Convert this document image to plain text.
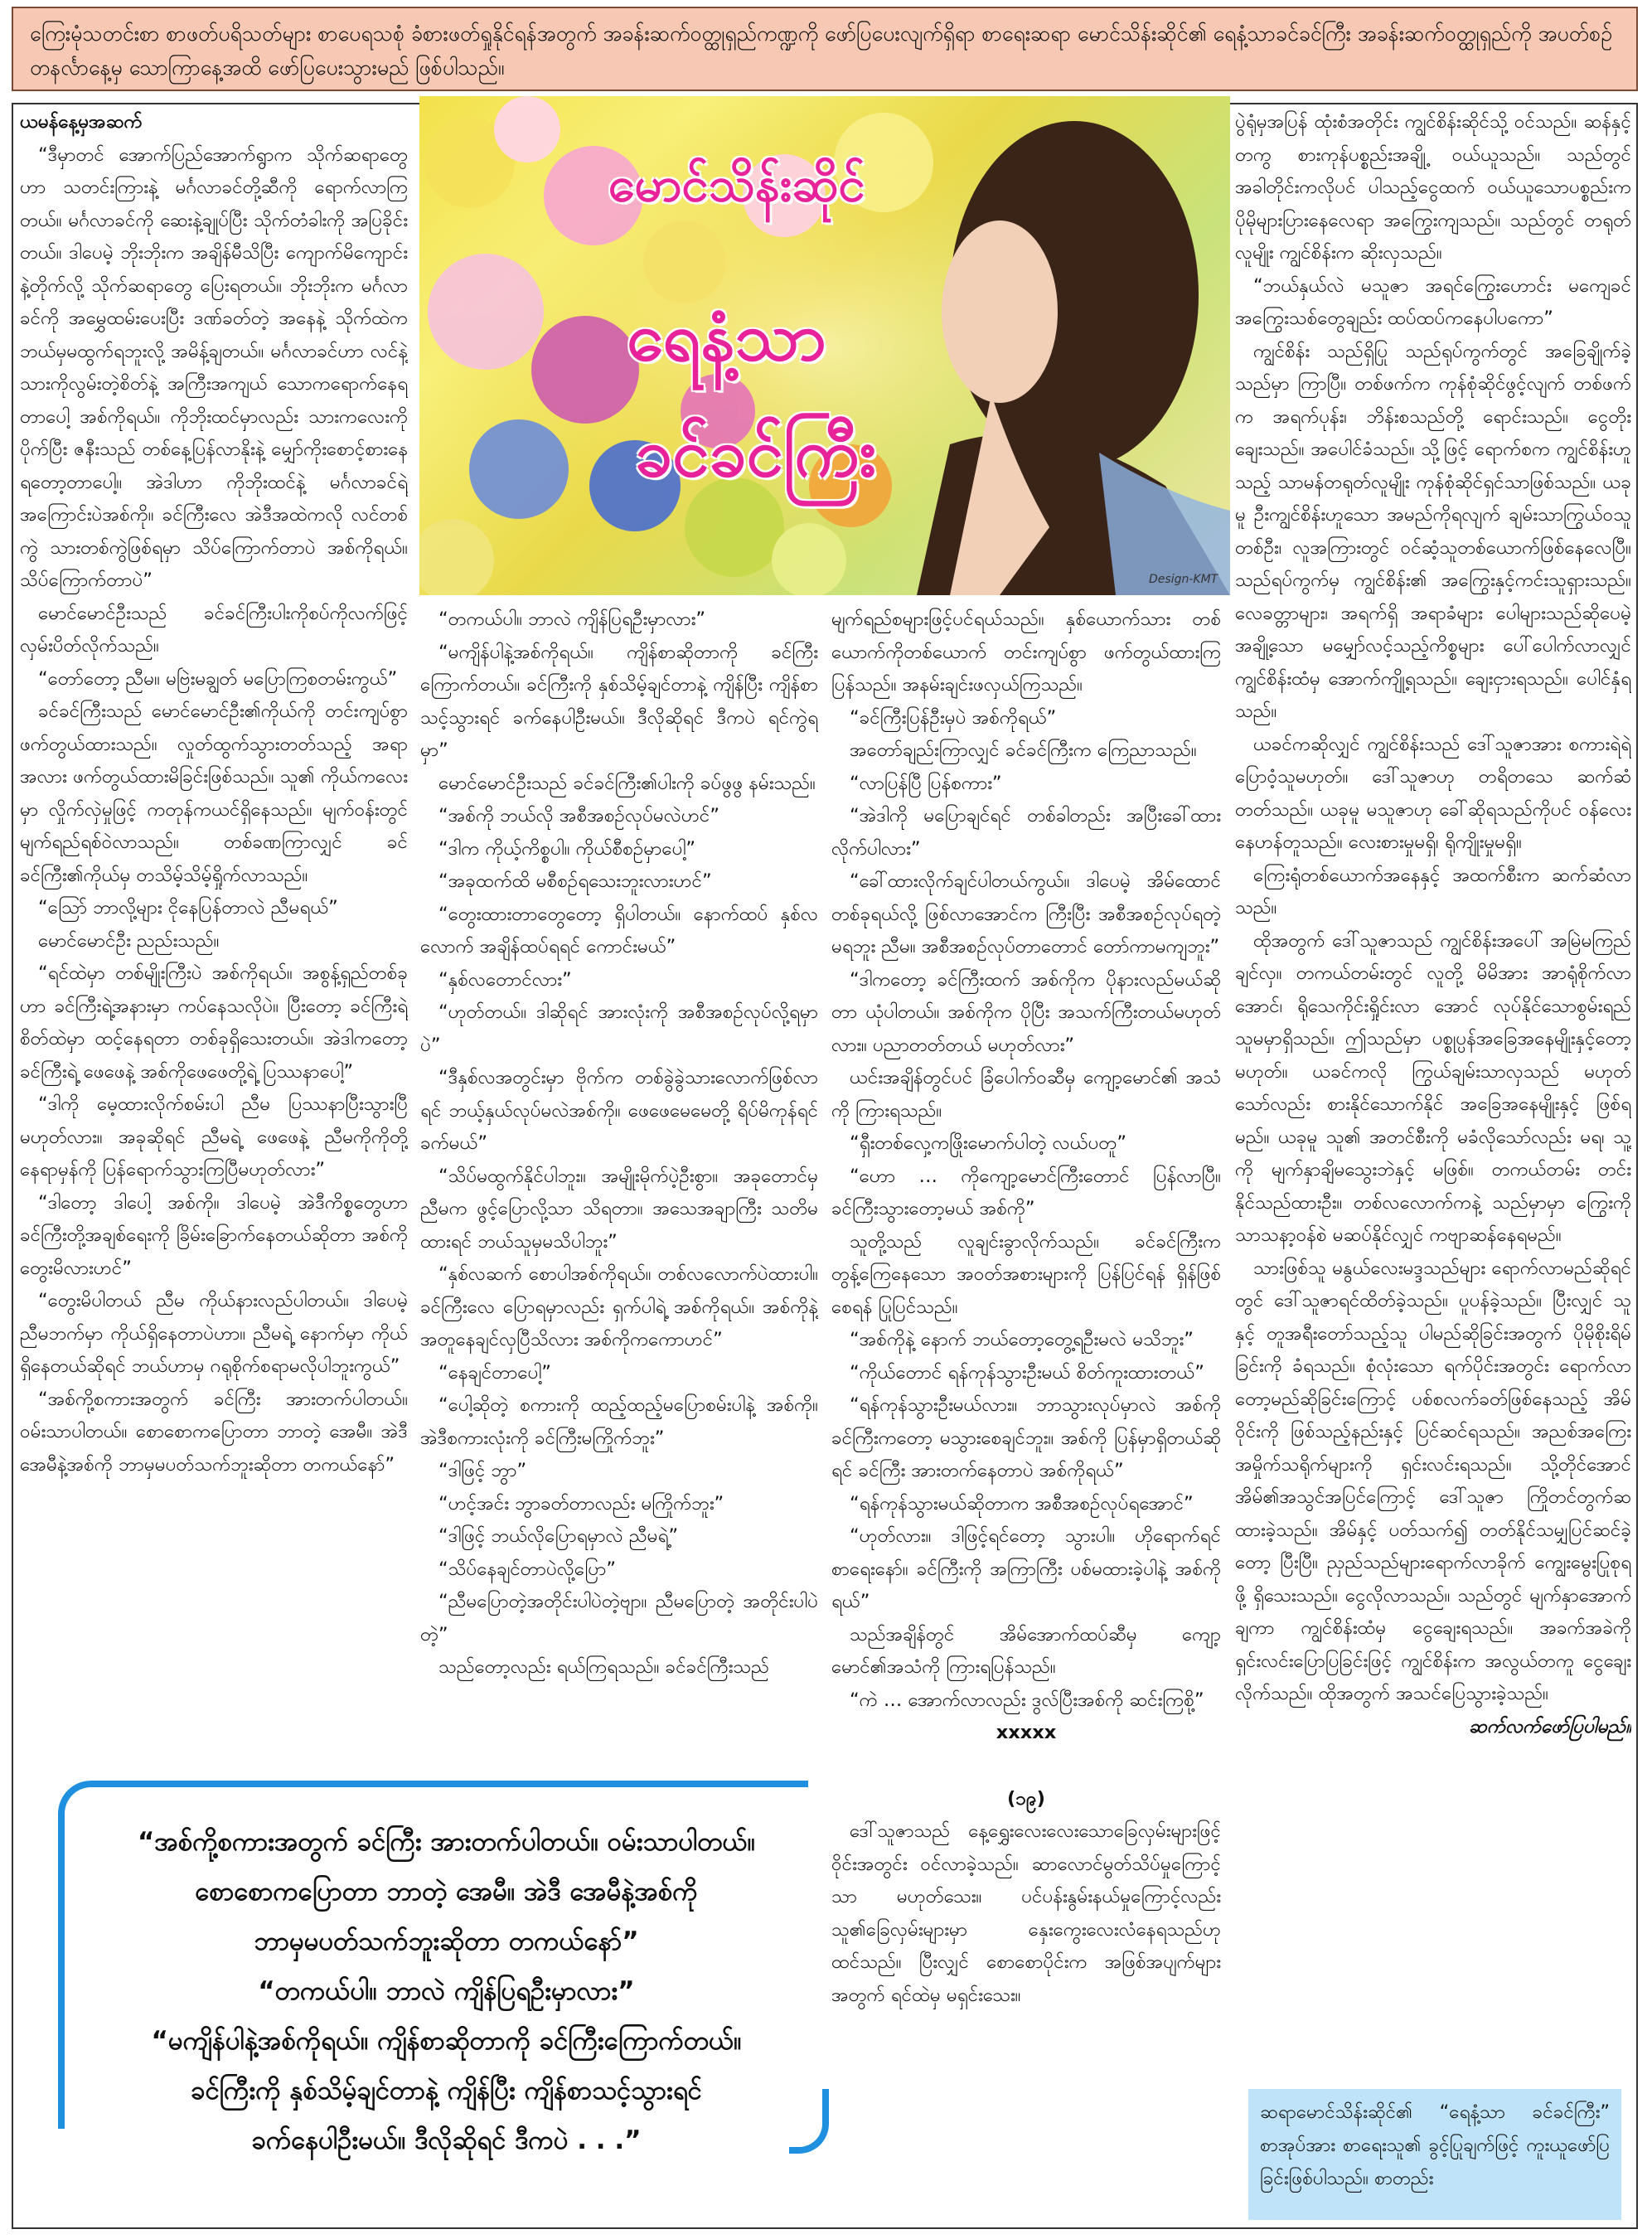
ကြေးမုံသတင်းစာ စာဖတ်ပရိသတ်များ စာပေရသစုံ ခံစားဖတ်ရှုနိုင်ရန်အတွက် အခန်းဆက်ဝတ္ထုရှည်ကဏ္ဍကို ဖော်ပြပေးလျက်ရှိရာ စာရေးဆရာ မောင်သိန်းဆိုင်၏ ရေနံ့သာခင်ခင်ကြီး အခန်းဆက်ဝတ္ထုရှည်ကို အပတ်စဉ် တနင်္လာနေ့မှ သောကြာနေ့အထိ ဖော်ပြပေးသွားမည် ဖြစ်ပါသည်။

ယမန်နေ့မှအဆက်

“ဒီမှာတင် အောက်ပြည်အောက်ရွာက သိုက်ဆရာတွေဟာ သတင်းကြားနဲ့ မင်္ဂလာခင်တို့ဆီကို ရောက်လာကြတယ်။ မင်္ဂလာခင်ကို ဆေးနဲ့ချုပ်ပြီး သိုက်တံခါးကို အပြခိုင်းတယ်။ ဒါပေမဲ့ ဘိုးဘိုးက အချိန်မီသိပြီး ကျောက်မိကျောင်းနဲ့တိုက်လို့ သိုက်ဆရာတွေ ပြေးရတယ်။ ဘိုးဘိုးက မင်္ဂလာခင်ကို အမွှေထမ်းပေးပြီး ဒဏ်ခတ်တဲ့ အနေနဲ့ သိုက်ထဲက ဘယ်မှမထွက်ရဘူးလို့ အမိန့်ချတယ်။ မင်္ဂလာခင်ဟာ လင်နဲ့ သားကိုလွမ်းတဲ့စိတ်နဲ့ အကြီးအကျယ် သောကရောက်နေရတာပေါ့ အစ်ကိုရယ်။ ကိုဘိုးထင်မှာလည်း သားကလေးကိုပိုက်ပြီး ဇနီးသည် တစ်နေ့ပြန်လာနိုးနဲ့ မျှော်ကိုးစောင့်စားနေရတော့တာပေါ့။ အဲဒါဟာ ကိုဘိုးထင်နဲ့ မင်္ဂလာခင်ရဲ့ အကြောင်းပဲအစ်ကို။ ခင်ကြီးလေ အဲဒီအထဲကလို လင်တစ်ကွဲ သားတစ်ကွဲဖြစ်ရမှာ သိပ်ကြောက်တာပဲ အစ်ကိုရယ်။ သိပ်ကြောက်တာပဲ”

မောင်မောင်ဦးသည် ခင်ခင်ကြီးပါးကိုစပ်ကိုလက်ဖြင့် လှမ်းပိတ်လိုက်သည်။

“တော်တော့ ညီမ။ မဗြဲးမချွတ် မပြောကြစတမ်းကွယ်”

ခင်ခင်ကြီးသည် မောင်မောင်ဦး၏ကိုယ်ကို တင်းကျပ်စွာ ဖက်တွယ်ထားသည်။ လှုတ်ထွက်သွားတတ်သည့် အရာအလား ဖက်တွယ်ထားမိခြင်းဖြစ်သည်။ သူ၏ ကိုယ်ကလေးမှာ လှိုက်လှဲမှုဖြင့် ကတုန်ကယင်ရှိနေသည်။ မျက်ဝန်းတွင် မျက်ရည်ရစ်ဝဲလာသည်။ တစ်ခဏကြာလျှင် ခင်ခင်ကြီး၏ကိုယ်မှ တသိမ့်သိမ့်ရှိုက်လာသည်။

“ဩော် ဘာလို့များ ငိုနေပြန်တာလဲ ညီမရယ်”

မောင်မောင်ဦး ညည်းသည်။

“ရင်ထဲမှာ တစ်မျိုးကြီးပဲ အစ်ကိုရယ်။ အစွန့်ရှည်တစ်ခုဟာ ခင်ကြီးရဲ့အနားမှာ ကပ်နေသလိုပဲ။ ပြီးတော့ ခင်ကြီးရဲ့စိတ်ထဲမှာ ထင့်နေရတာ တစ်ခုရှိသေးတယ်။ အဲဒါကတော့ ခင်ကြီးရဲ့ ဖေဖေနဲ့ အစ်ကိုဖေဖေတို့ရဲ့ ပြဿနာပေါ့”

“ဒါကို မေ့ထားလိုက်စမ်းပါ ညီမ ပြဿနာပြီးသွားပြီမဟုတ်လား။ အခုဆိုရင် ညီမရဲ့ ဖေဖေနဲ့ ညီမကိုကိုတို့ နေရာမှန်ကို ပြန်ရောက်သွားကြပြီမဟုတ်လား”

“ဒါတော့ ဒါပေါ့ အစ်ကို။ ဒါပေမဲ့ အဲဒီကိစ္စတွေဟာ ခင်ကြီးတို့အချစ်ရေးကို ခြိမ်းခြောက်နေတယ်ဆိုတာ အစ်ကိုတွေးမိလားဟင်”

“တွေးမိပါတယ် ညီမ ကိုယ်နားလည်ပါတယ်။ ဒါပေမဲ့ ညီမဘက်မှာ ကိုယ်ရှိနေတာပဲဟာ။ ညီမရဲ့ နောက်မှာ ကိုယ်ရှိနေတယ်ဆိုရင် ဘယ်ဟာမှ ဂရုစိုက်စရာမလိုပါဘူးကွယ်”

“အစ်ကို့စကားအတွက် ခင်ကြီး အားတက်ပါတယ်။ ဝမ်းသာပါတယ်။ စောစောကပြောတာ ဘာတဲ့ အေမီ။ အဲဒီ အေမီနဲ့အစ်ကို ဘာမှမပတ်သက်ဘူးဆိုတာ တကယ်နော်”

မောင်သိန်းဆိုင်
ရေနံ့သာ
ခင်ခင်ကြီး
Design-KMT

“တကယ်ပါ။ ဘာလဲ ကျိန်ပြရဦးမှာလား”

“မကျိန်ပါနဲ့အစ်ကိုရယ်။ ကျိန်စာဆိုတာကို ခင်ကြီးကြောက်တယ်။ ခင်ကြီးကို နှစ်သိမ့်ချင်တာနဲ့ ကျိန်ပြီး ကျိန်စာသင့်သွားရင် ခက်နေပါဦးမယ်။ ဒီလိုဆိုရင် ဒီကပဲ ရင်ကွဲရမှာ”

မောင်မောင်ဦးသည် ခင်ခင်ကြီး၏ပါးကို ခပ်ဖွဖွ နမ်းသည်။

“အစ်ကို ဘယ်လို အစီအစဉ်လုပ်မလဲဟင်”

“ဒါက ကိုယ့်ကိစ္စပါ။ ကိုယ်စီစဉ်မှာပေါ့”

“အခုထက်ထိ မစီစဉ်ရသေးဘူးလားဟင်”

“တွေးထားတာတွေတော့ ရှိပါတယ်။ နောက်ထပ် နှစ်လလောက် အချိန်ထပ်ရရင် ကောင်းမယ်”

“နှစ်လတောင်လား”

“ဟုတ်တယ်။ ဒါဆိုရင် အားလုံးကို အစီအစဉ်လုပ်လို့ရမှာပဲ”

“ဒီနှစ်လအတွင်းမှာ ဗိုက်က တစ်ခွဲခွဲသားလောက်ဖြစ်လာရင် ဘယ့်နှယ်လုပ်မလဲအစ်ကို။ ဖေဖေမေမေတို့ ရိပ်မိကုန်ရင် ခက်မယ်”

“သိပ်မထွက်နိုင်ပါဘူး။ အမျိုးမိုက်ပဲ့ဦးစွာ။ အခုတောင်မှ ညီမက ဖွင့်ပြောလို့သာ သိရတာ။ အသေအချာကြီး သတိမထားရင် ဘယ်သူမှမသိပါဘူး”

“နှစ်လဆက် စောပါအစ်ကိုရယ်။ တစ်လလောက်ပဲထားပါ။ ခင်ကြီးလေ ပြောရမှာလည်း ရှက်ပါရဲ့ အစ်ကိုရယ်။ အစ်ကိုနဲ့ အတူနေချင်လှပြီသိလား အစ်ကိုကကောဟင်”

“နေချင်တာပေါ့”

“ပေါ့ဆိုတဲ့ စကားကို ထည့်ထည့်မပြောစမ်းပါနဲ့ အစ်ကို။ အဲဒီစကားလုံးကို ခင်ကြီးမကြိုက်ဘူး”

“ဒါဖြင့် ဘွာ”

“ဟင့်အင်း ဘွာခတ်တာလည်း မကြိုက်ဘူး”

“ဒါဖြင့် ဘယ်လိုပြောရမှာလဲ ညီမရဲ့”

“သိပ်နေချင်တာပဲလို့ပြော”

“ညီမပြောတဲ့အတိုင်းပါပဲတဲ့ဗျာ။ ညီမပြောတဲ့ အတိုင်းပါပဲတဲ့”

သည်တော့လည်း ရယ်ကြရသည်။ ခင်ခင်ကြီးသည်

မျက်ရည်စများဖြင့်ပင်ရယ်သည်။ နှစ်ယောက်သား တစ်ယောက်ကိုတစ်ယောက် တင်းကျပ်စွာ ဖက်တွယ်ထားကြပြန်သည်။ အနမ်းချင်းဖလှယ်ကြသည်။

“ခင်ကြီးပြန်ဦးမှပဲ အစ်ကိုရယ်”

အတော်ချည်းကြာလျှင် ခင်ခင်ကြီးက ကြေညာသည်။

“လာပြန်ပြီ ပြန်စကား”

“အဲဒါကို မပြောချင်ရင် တစ်ခါတည်း အပြီးခေါ်ထားလိုက်ပါလား”

“ခေါ်ထားလိုက်ချင်ပါတယ်ကွယ်။ ဒါပေမဲ့ အိမ်ထောင်တစ်ခုရယ်လို့ ဖြစ်လာအောင်က ကြီးပြီး အစီအစဉ်လုပ်ရတဲ့ မရဘူး ညီမ။ အစီအစဉ်လုပ်တာတောင် တော်ကာမကျဘူး”

“ဒါကတော့ ခင်ကြီးထက် အစ်ကိုက ပိုနားလည်မယ်ဆိုတာ ယုံပါတယ်။ အစ်ကိုက ပိုပြီး အသက်ကြီးတယ်မဟုတ်လား။ ပညာတတ်တယ် မဟုတ်လား”

ယင်းအချိန်တွင်ပင် ခြံပေါက်ဝဆီမှ ကျော့မောင်၏ အသံကို ကြားရသည်။

“ရှီးတစ်လှေ့ကဖြိုးမောက်ပါတဲ့ လယ်ပတူ”

“ဟော … ကိုကျော့မောင်ကြီးတောင် ပြန်လာပြီ။ ခင်ကြီးသွားတော့မယ် အစ်ကို”

သူတို့သည် လူချင်းခွာလိုက်သည်။ ခင်ခင်ကြီးက တွန့်ကြေနေသော အဝတ်အစားများကို ပြန်ပြင်ရန် ရှိန်ဖြစ်စေရန် ပြုပြင်သည်။

“အစ်ကိုနဲ့ နောက် ဘယ်တော့တွေ့ရဦးမလဲ မသိဘူး”

“ကိုယ်တောင် ရန်ကုန်သွားဦးမယ် စိတ်ကူးထားတယ်”

“ရန်ကုန်သွားဦးမယ်လား။ ဘာသွားလုပ်မှာလဲ အစ်ကို ခင်ကြီးကတော့ မသွားစေချင်ဘူး။ အစ်ကို ပြန်မှာရှိတယ်ဆိုရင် ခင်ကြီး အားတက်နေတာပဲ အစ်ကိုရယ်”

“ရန်ကုန်သွားမယ်ဆိုတာက အစီအစဉ်လုပ်ရအောင်”

“ဟုတ်လား။ ဒါဖြင့်ရင်တော့ သွားပါ။ ဟိုရောက်ရင် စာရေးနော်။ ခင်ကြီးကို အကြာကြီး ပစ်မထားခဲ့ပါနဲ့ အစ်ကိုရယ်”

သည်အချိန်တွင် အိမ်အောက်ထပ်ဆီမှ ကျော့မောင်၏အသံကို ကြားရပြန်သည်။

“ကဲ … အောက်လာလည်း ဒွလ်ပြီးအစ်ကို ဆင်းကြစို့”

xxxxx

(၁၉)

ဒေါ်သူဇာသည် နေ့ရွှေးလေးလေးသောခြေလှမ်းများဖြင့် ဝိုင်းအတွင်း ဝင်လာခဲ့သည်။ ဆာလောင်မွတ်သိပ်မှုကြောင့်သာ မဟုတ်သေး။ ပင်ပန်းနွမ်းနယ်မှုကြောင့်လည်း သူ၏ခြေလှမ်းများမှာ နှေးကွေးလေးလံနေရသည်ဟု ထင်သည်။ ပြီးလျှင် စောစောပိုင်းက အဖြစ်အပျက်များအတွက် ရင်ထဲမှ မရှင်းသေး။

ပွဲရုံမှအပြန် ထုံးစံအတိုင်း ကျွင်စိန်းဆိုင်သို့ ဝင်သည်။ ဆန်နှင့်တကွ စားကုန်ပစ္စည်းအချို့ ဝယ်ယူသည်။ သည်တွင် အခါတိုင်းကလိုပင် ပါသည့်ငွေထက် ဝယ်ယူသောပစ္စည်းက ပိုမိုများပြားနေလေရာ အကြွေးကျသည်။ သည်တွင် တရုတ်လူမျိုး ကျွင်စိန်းက ဆိုးလှသည်။

“ဘယ်နှယ်လဲ မသူဇာ အရင်ကြွေးဟောင်း မကျေခင် အကြွေးသစ်တွေချည်း ထပ်ထပ်ကနေပါပကော”

ကျွင်စိန်း သည်ရှိပြု သည်ရုပ်ကွက်တွင် အခြေချိုက်ခဲ့သည်မှာ ကြာပြီ။ တစ်ဖက်က ကုန်စုံဆိုင်ဖွင့်လျက် တစ်ဖက်က အရက်ပုန်း၊ ဘိန်းစသည်တို့ ရောင်းသည်။ ငွေတိုးချေးသည်။ အပေါင်ခံသည်။ သို့ဖြင့် ရောက်စက ကျွင်စိန်းဟူသည့် သာမန်တရုတ်လူမျိုး ကုန်စုံဆိုင်ရှင်သာဖြစ်သည်။ ယခုမူ ဦးကျွင်စိန်းဟူသော အမည်ကိုရလျက် ချမ်းသာကြွယ်ဝသူ တစ်ဦး၊ လူအကြားတွင် ဝင်ဆံ့သူတစ်ယောက်ဖြစ်နေလေပြီ။ သည်ရပ်ကွက်မှ ကျွင်စိန်း၏ အကြွေးနှင့်ကင်းသူရှားသည်။ လေခတ္တာများ၊ အရက်ရှိ အရာခံများ ပေါများသည်ဆိုပေမဲ့ အချို့သော မမျှော်လင့်သည့်ကိစ္စများ ပေါ်ပေါက်လာလျှင် ကျွင်စိန်းထံမှ အောက်ကျို့ရသည်။ ချေးငှားရသည်။ ပေါင်နှံရသည်။

ယခင်ကဆိုလျှင် ကျွင်စိန်းသည် ဒေါ်သူဇာအား စကားရဲရဲ ပြောဝံ့သူမဟုတ်။ ဒေါ်သူဇာဟု တရိတသေ ဆက်ဆံတတ်သည်။ ယခုမူ မသူဇာဟု ခေါ်ဆိုရသည်ကိုပင် ဝန်လေးနေဟန်တူသည်။ လေးစားမှုမရှိ၊ ရိုကျိုးမှုမရှိ။

ကြေးရုံတစ်ယောက်အနေနှင့် အထက်စီးက ဆက်ဆံလာသည်။

ထိုအတွက် ဒေါ်သူဇာသည် ကျွင်စိန်းအပေါ် အမြဲမကြည်ချင်လှ။ တကယ်တမ်းတွင် လူတို့ မိမိအား အာရုံစိုက်လာအောင်၊ ရိုသေကိုင်းရှိုင်းလာ အောင် လုပ်နိုင်သောစွမ်းရည် သူမမှာရှိသည်။ ဤသည်မှာ ပစ္စုပ္ပန်အခြေအနေမျိုးနှင့်တော့ မဟုတ်။ ယခင်ကလို ကြွယ်ချမ်းသာလှသည် မဟုတ်သော်လည်း စားနိုင်သောက်နိုင် အခြေအနေမျိုးနှင့် ဖြစ်ရမည်။ ယခုမူ သူ၏ အတင်စီးကို မခံလိုသော်လည်း မရ၊ သူ့ကို မျက်နှာချိမသွေးဘဲနှင့် မဖြစ်။ တကယ်တမ်း တင်းနိုင်သည်ထားဦး။ တစ်လလောက်ကနဲ့ သည်မှာမှာ ကြွေးကို သာသနာ့ဝန်စဲ မဆပ်နိုင်လျှင် ကဗျာဆန်နေရမည်။

သားဖြစ်သူ မနွယ်လေးမဒ္ဒသည်များ ရောက်လာမည်ဆိုရင်တွင် ဒေါ်သူဇာရင်ထိတ်ခဲ့သည်။ ပူပန်ခဲ့သည်။ ပြီးလျှင် သူနှင့် တူအရီးတော်သည့်သူ ပါမည်ဆိုခြင်းအတွက် ပိုမိုစိုးရိမ်ခြင်းကို ခံရသည်။ စုံလုံးသော ရက်ပိုင်းအတွင်း ရောက်လာတော့မည်ဆိုခြင်းကြောင့် ပစ်စလက်ခတ်ဖြစ်နေသည့် အိမ်ဝိုင်းကို ဖြစ်သည့်နည်းနှင့် ပြင်ဆင်ရသည်။ အညစ်အကြေး အမှိုက်သရိုက်များကို ရှင်းလင်းရသည်။ သို့တိုင်အောင် အိမ်၏အသွင်အပြင်ကြောင့် ဒေါ်သူဇာ ကြိုတင်တွက်ဆထားခဲ့သည်။ အိမ်နှင့် ပတ်သက်၍ တတ်နိုင်သမျှပြင်ဆင်ခဲ့တော့ ပြီးပြီ။ ညှည်သည်များရောက်လာခိုက် ကျွေးမွေးပြုစုရဖို့ ရှိသေးသည်။ ငွေလိုလာသည်။ သည်တွင် မျက်နှာအောက်ချကာ ကျွင်စိန်းထံမှ ငွေချေးရသည်။ အခက်အခဲကို ရှင်းလင်းပြောပြခြင်းဖြင့် ကျွင်စိန်းက အလွယ်တကူ ငွေချေးလိုက်သည်။ ထိုအတွက် အသင်ပြေသွားခဲ့သည်။

ဆက်လက်ဖော်ပြပါမည်။

“အစ်ကို့စကားအတွက် ခင်ကြီး အားတက်ပါတယ်။ ဝမ်းသာပါတယ်။

စောစောကပြောတာ ဘာတဲ့ အေမီ။ အဲဒီ အေမီနဲ့အစ်ကို

ဘာမှမပတ်သက်ဘူးဆိုတာ တကယ်နော်”

“တကယ်ပါ။ ဘာလဲ ကျိန်ပြရဦးမှာလား”

“မကျိန်ပါနဲ့အစ်ကိုရယ်။ ကျိန်စာဆိုတာကို ခင်ကြီးကြောက်တယ်။

ခင်ကြီးကို နှစ်သိမ့်ချင်တာနဲ့ ကျိန်ပြီး ကျိန်စာသင့်သွားရင်

ခက်နေပါဦးမယ်။ ဒီလိုဆိုရင် ဒီကပဲ . . .”

ဆရာမောင်သိန်းဆိုင်၏ “ရေနံ့သာ ခင်ခင်ကြီး” စာအုပ်အား စာရေးသူ၏ ခွင့်ပြုချက်ဖြင့် ကူးယူဖော်ပြခြင်းဖြစ်ပါသည်။ စာတည်း
